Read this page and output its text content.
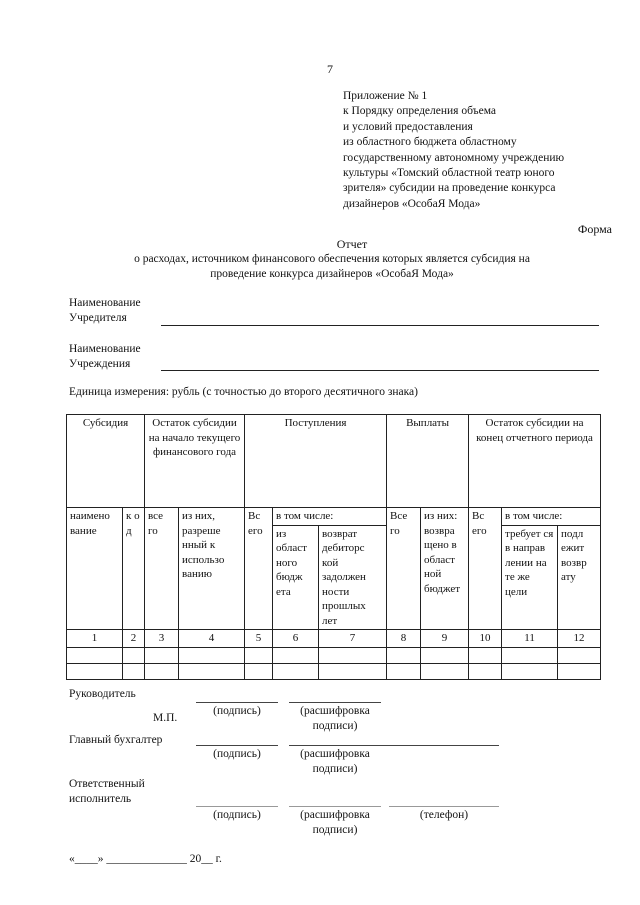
7
Приложение № 1
к Порядку определения объема
и условий предоставления
из областного бюджета областному
государственному автономному учреждению
культуры «Томский областной театр юного
зрителя» субсидии на проведение конкурса
дизайнеров «ОсобаЯ Мода»
Форма
Отчет
о расходах, источником финансового обеспечения которых является субсидия на
проведение конкурса дизайнеров «ОсобаЯ Мода»
Наименование
Учредителя
Наименование
Учреждения
Единица измерения: рубль (с точностью до второго десятичного знака)
Субсидия		Остаток субсидии на начало текущего финансового года		Поступления			Выплаты		Остаток субсидии на конец отчетного периода		
наимено вание	к о д	все го	из них, разреше нный к использо ванию	Вс его	в том числе:		Все го	из них: возвра щено в област ной бюджет	Вс его	в том числе:	
					из област ного бюдж ета	возврат дебиторс кой задолжен ности прошлых лет				требует ся в направ лении на те же цели	подл ежит возвр ату
1	2	3	4	5	6	7	8	9	10	11	12

Руководитель
М.П.
(подпись)	(расшифровка
подписи)
Главный бухгалтер
(подпись)	(расшифровка
подписи)
Ответственный
исполнитель
(подпись)	(расшифровка
подписи)
(телефон)
«____» ______________ 20__ г.
